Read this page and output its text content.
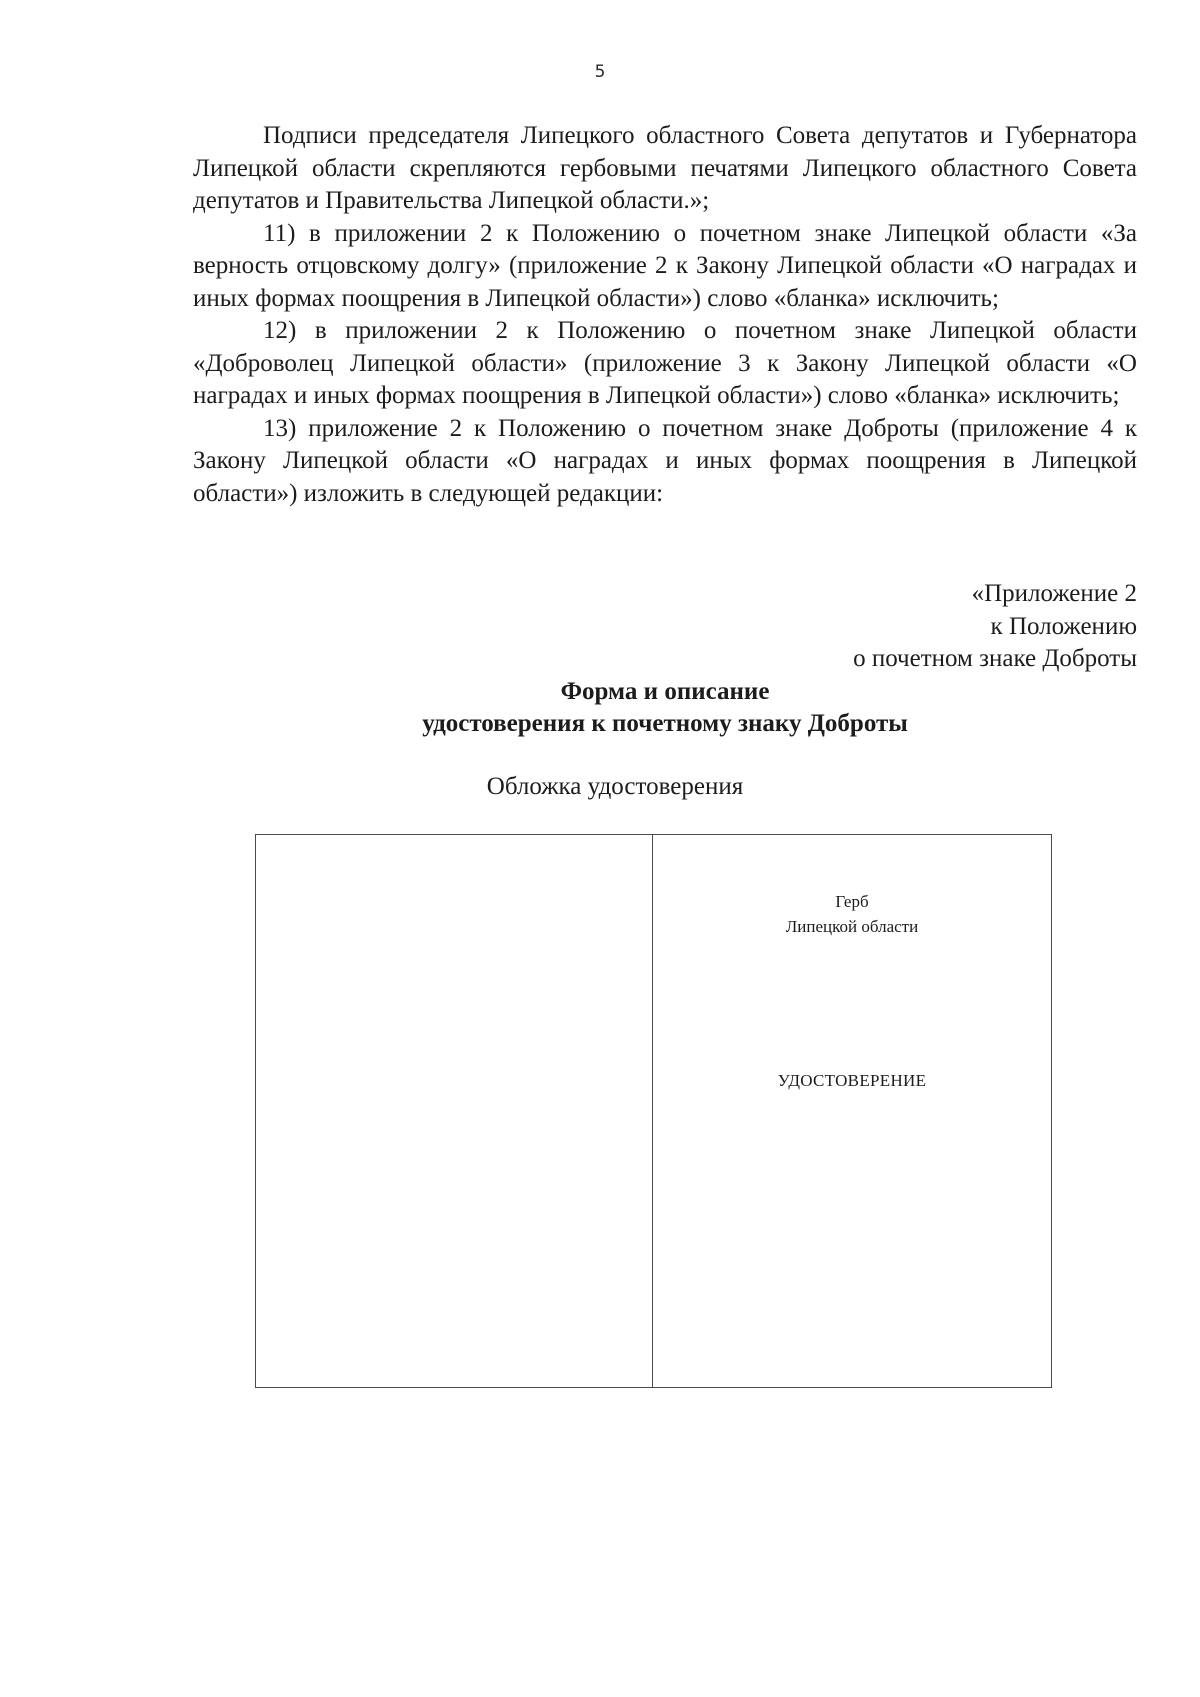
5

Подписи председателя Липецкого областного Совета депутатов и Губернатора Липецкой области скрепляются гербовыми печатями Липецкого областного Совета депутатов и Правительства Липецкой области.»;

11) в приложении 2 к Положению о почетном знаке Липецкой области «За верность отцовскому долгу» (приложение 2 к Закону Липецкой области «О наградах и иных формах поощрения в Липецкой области») слово «бланка» исключить;

12) в приложении 2 к Положению о почетном знаке Липецкой области «Доброволец Липецкой области» (приложение 3 к Закону Липецкой области «О наградах и иных формах поощрения в Липецкой области») слово «бланка» исключить;

13) приложение 2 к Положению о почетном знаке Доброты (приложение 4 к Закону Липецкой области «О наградах и иных формах поощрения в Липецкой области») изложить в следующей редакции:

«Приложение 2
к Положению
о почетном знаке Доброты
Форма и описание
удостоверения к почетному знаку Доброты
Обложка удостоверения
Герб
Липецкой области
УДОСТОВЕРЕНИЕ
